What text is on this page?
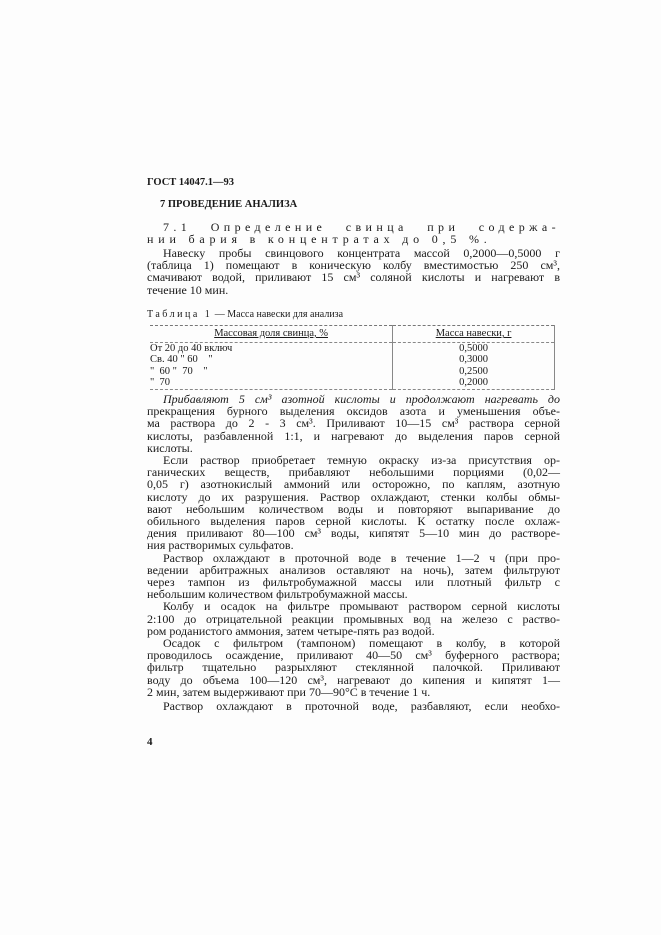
ГОСТ 14047.1—93
7 ПРОВЕДЕНИЕ АНАЛИЗА
7.1 Определение свинца при содержа-
нии бария в концентратах до 0,5 %.
Навеску пробы свинцового концентрата массой 0,2000—0,5000 г
(таблица 1) помещают в коническую колбу вместимостью 250 см³,
смачивают водой, приливают 15 см³ соляной кислоты и нагревают в
течение 10 мин.
Таблица 1 — Масса навески для анализа
Массовая доля свинца, %	Масса навески, г
От 20 до 40 включ	0,5000
Св. 40 " 60    "	0,3000
"  60 "  70    "	0,2500
"  70	0,2000
Прибавляют 5 см³ азотной кислоты и продолжают нагревать до
прекращения бурного выделения оксидов азота и уменьшения объе-
ма раствора до 2 - 3 см³. Приливают 10—15 см³ раствора серной
кислоты, разбавленной 1:1, и нагревают до выделения паров серной
кислоты.
Если раствор приобретает темную окраску из-за присутствия ор-
ганических веществ, прибавляют небольшими порциями (0,02—
0,05 г) азотнокислый аммоний или осторожно, по каплям, азотную
кислоту до их разрушения. Раствор охлаждают, стенки колбы обмы-
вают небольшим количеством воды и повторяют выпаривание до
обильного выделения паров серной кислоты. К остатку после охлаж-
дения приливают 80—100 см³ воды, кипятят 5—10 мин до растворе-
ния растворимых сульфатов.
Раствор охлаждают в проточной воде в течение 1—2 ч (при про-
ведении арбитражных анализов оставляют на ночь), затем фильтруют
через тампон из фильтробумажной массы или плотный фильтр с
небольшим количеством фильтробумажной массы.
Колбу и осадок на фильтре промывают раствором серной кислоты
2:100 до отрицательной реакции промывных вод на железо с раство-
ром роданистого аммония, затем четыре-пять раз водой.
Осадок с фильтром (тампоном) помещают в колбу, в которой
проводилось осаждение, приливают 40—50 см³ буферного раствора;
фильтр тщательно разрыхляют стеклянной палочкой. Приливают
воду до объема 100—120 см³, нагревают до кипения и кипятят 1—
2 мин, затем выдерживают при 70—90°С в течение 1 ч.
Раствор охлаждают в проточной воде, разбавляют, если необхо-
4
